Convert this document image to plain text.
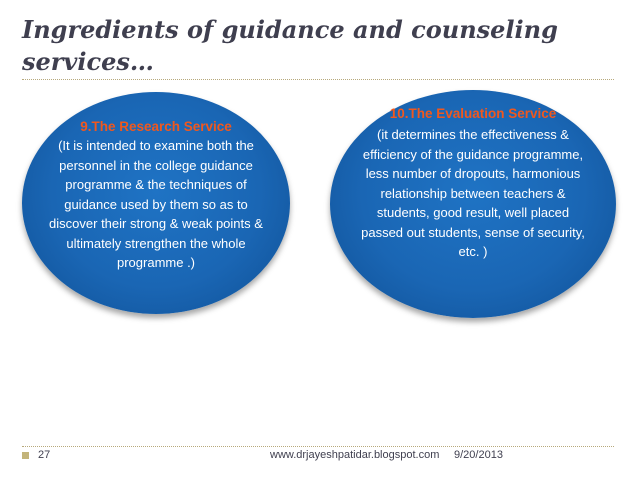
Ingredients of guidance and counseling services…
9.The Research Service
(It is intended to examine both the personnel in the college guidance programme & the techniques of guidance used by them so as to discover their strong & weak points & ultimately strengthen the whole programme .)
10.The Evaluation Service
(it determines the effectiveness & efficiency of the guidance programme, less number of dropouts, harmonious relationship between teachers & students, good result, well placed passed out students, sense of security, etc. )
27	www.drjayeshpatidar.blogspot.com 9/20/2013
